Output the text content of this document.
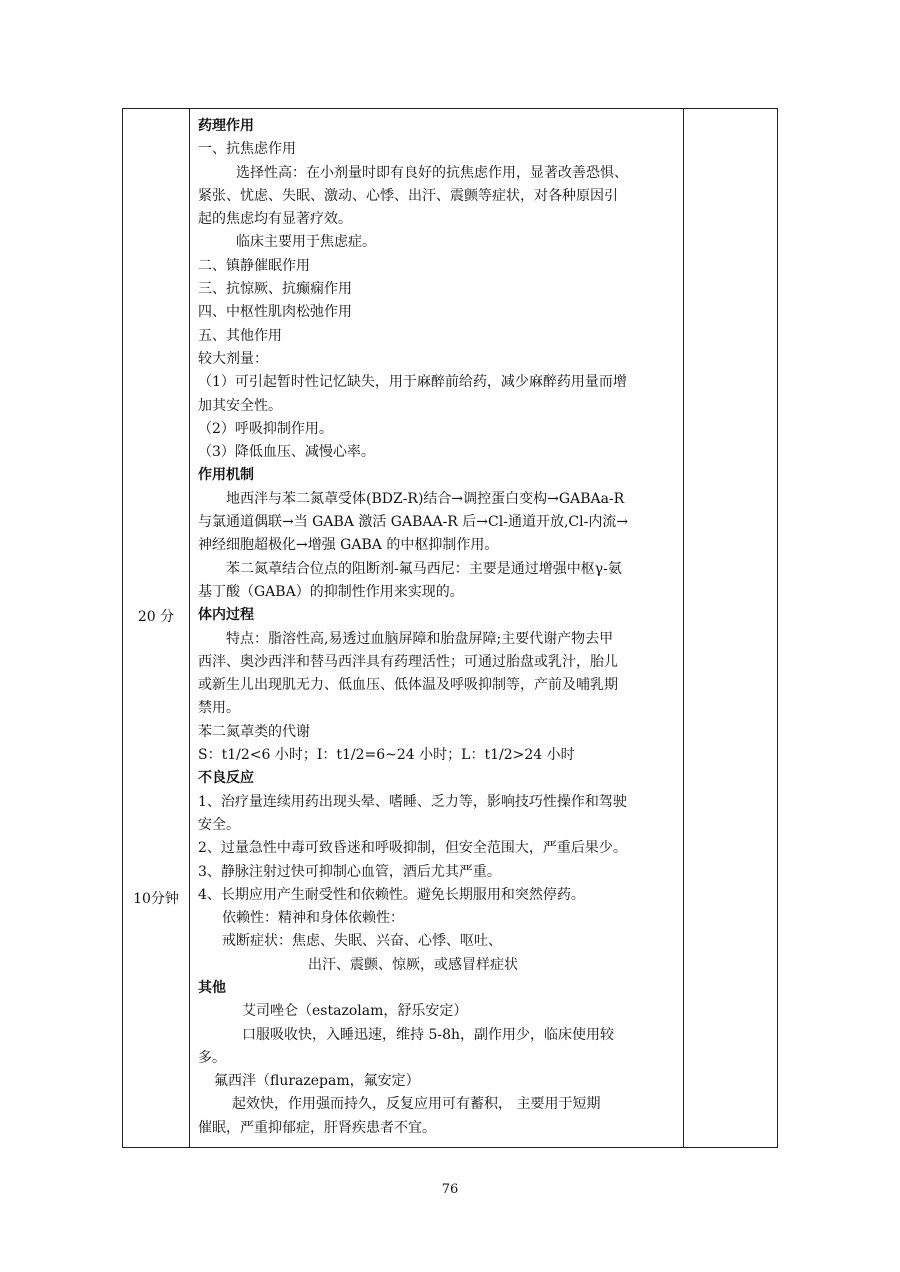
20 分
10分钟
药理作用
一、抗焦虑作用
选择性高：在小剂量时即有良好的抗焦虑作用，显著改善恐惧、
紧张、忧虑、失眠、激动、心悸、出汗、震颤等症状，对各种原因引
起的焦虑均有显著疗效。
临床主要用于焦虑症。
二、镇静催眠作用
三、抗惊厥、抗癫痫作用
四、中枢性肌肉松弛作用
五、其他作用
较大剂量：
（1）可引起暂时性记忆缺失，用于麻醉前给药，减少麻醉药用量而增
加其安全性。
（2）呼吸抑制作用。
（3）降低血压、减慢心率。
作用机制
地西泮与苯二氮䓬受体(BDZ-R)结合→调控蛋白变构→GABAa-R
与氯通道偶联→当 GABA 激活 GABAA-R 后→Cl-通道开放,Cl-内流→
神经细胞超极化→增强 GABA 的中枢抑制作用。
苯二氮䓬结合位点的阻断剂-氟马西尼：主要是通过增强中枢γ-氨
基丁酸（GABA）的抑制性作用来实现的。
体内过程
特点：脂溶性高,易透过血脑屏障和胎盘屏障;主要代谢产物去甲
西泮、奥沙西泮和替马西泮具有药理活性；可通过胎盘或乳汁，胎儿
或新生儿出现肌无力、低血压、低体温及呼吸抑制等，产前及哺乳期
禁用。
苯二氮䓬类的代谢
S：t1/2<6 小时；I：t1/2=6~24 小时；L：t1/2>24 小时
不良反应
1、治疗量连续用药出现头晕、嗜睡、乏力等，影响技巧性操作和驾驶
安全。
2、过量急性中毒可致昏迷和呼吸抑制，但安全范围大，严重后果少。
3、静脉注射过快可抑制心血管，酒后尤其严重。
4、长期应用产生耐受性和依赖性。避免长期服用和突然停药。
依赖性：精神和身体依赖性：
戒断症状：焦虑、失眠、兴奋、心悸、呕吐、
出汗、震颤、惊厥，或感冒样症状
其他
艾司唑仑（estazolam，舒乐安定）
口服吸收快，入睡迅速，维持 5-8h，副作用少，临床使用较
多。
氟西泮（flurazepam，氟安定）
起效快，作用强而持久，反复应用可有蓄积， 主要用于短期
催眠，严重抑郁症，肝肾疾患者不宜。
76
